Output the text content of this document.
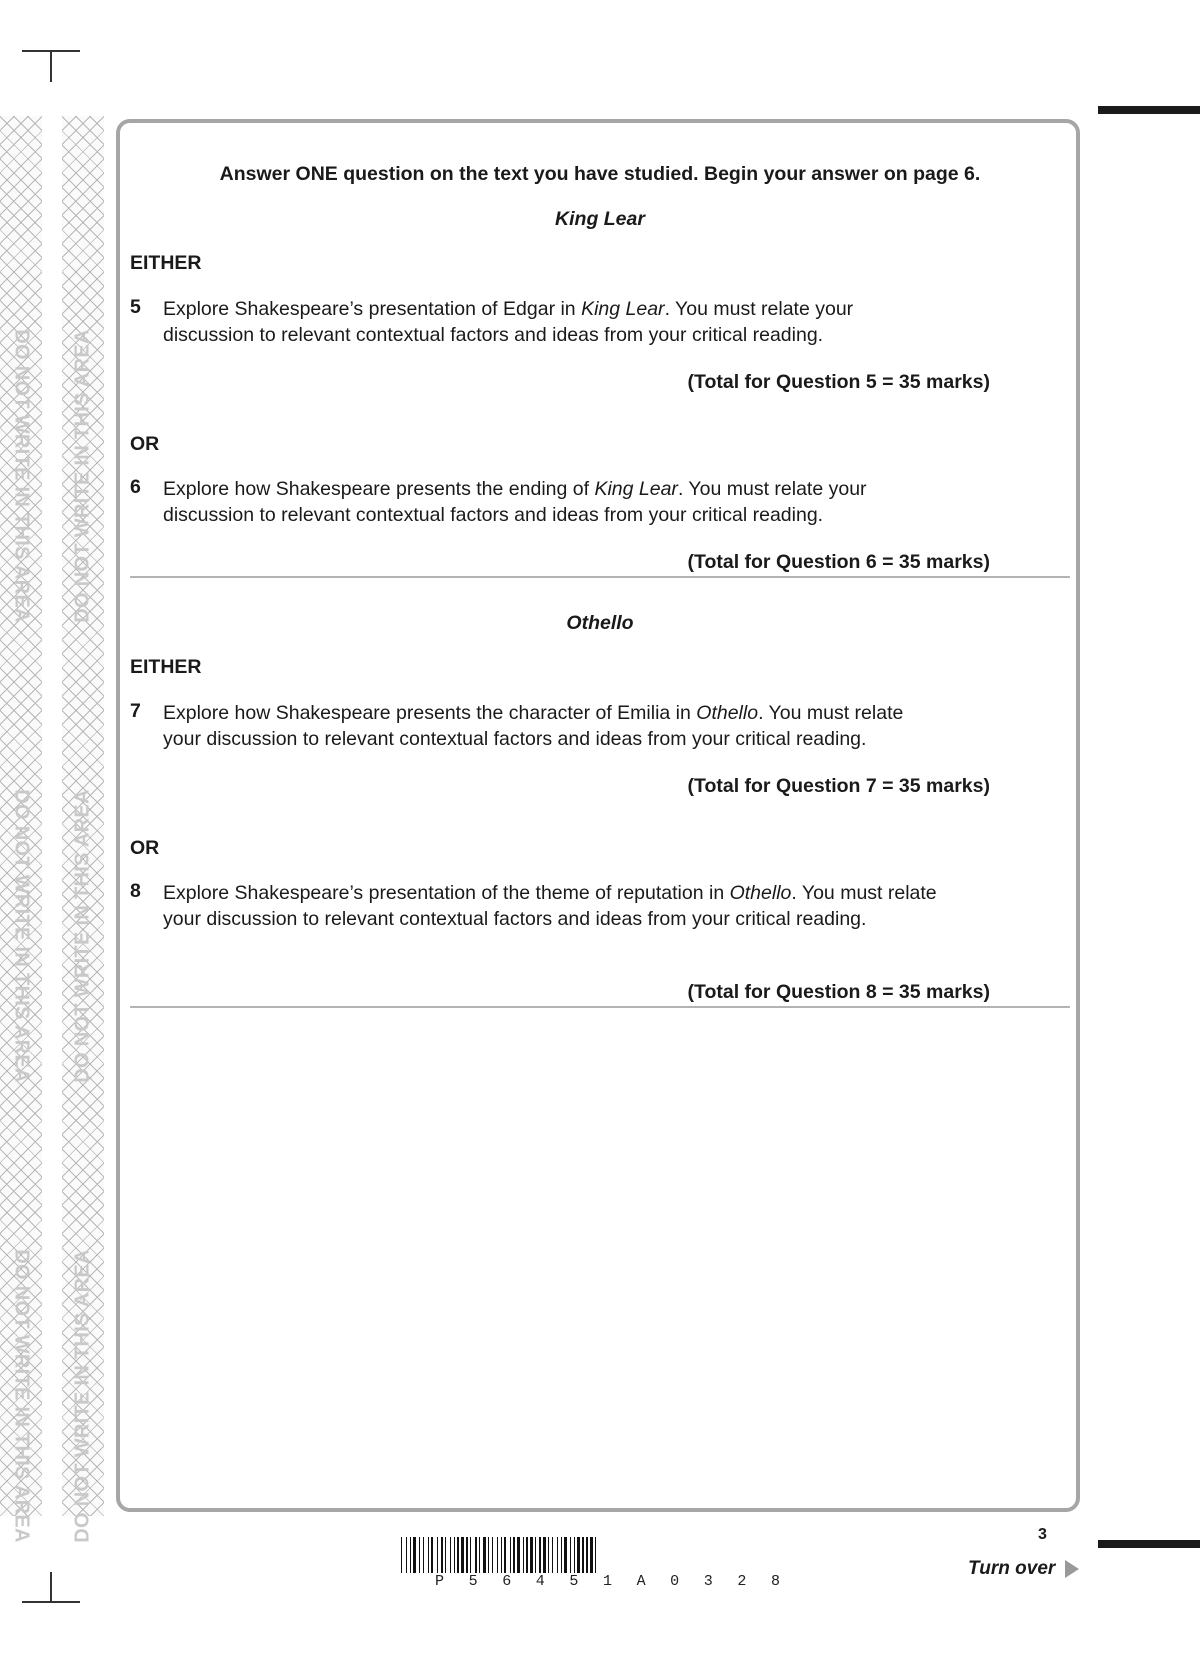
DO NOT WRITE IN THIS AREA
DO NOT WRITE IN THIS AREA
DO NOT WRITE IN THIS AREA
DO NOT WRITE IN THIS AREA
DO NOT WRITE IN THIS AREA
DO NOT WRITE IN THIS AREA
Answer ONE question on the text you have studied. Begin your answer on page 6.
King Lear
EITHER
5 Explore Shakespeare’s presentation of Edgar in King Lear. You must relate your discussion to relevant contextual factors and ideas from your critical reading.
(Total for Question 5 = 35 marks)
OR
6 Explore how Shakespeare presents the ending of King Lear. You must relate your discussion to relevant contextual factors and ideas from your critical reading.
(Total for Question 6 = 35 marks)
Othello
EITHER
7 Explore how Shakespeare presents the character of Emilia in Othello. You must relate your discussion to relevant contextual factors and ideas from your critical reading.
(Total for Question 7 = 35 marks)
OR
8 Explore Shakespeare’s presentation of the theme of reputation in Othello. You must relate your discussion to relevant contextual factors and ideas from your critical reading.
(Total for Question 8 = 35 marks)
P 5 6 4 5 1 A 0 3 2 8
3
Turn over
